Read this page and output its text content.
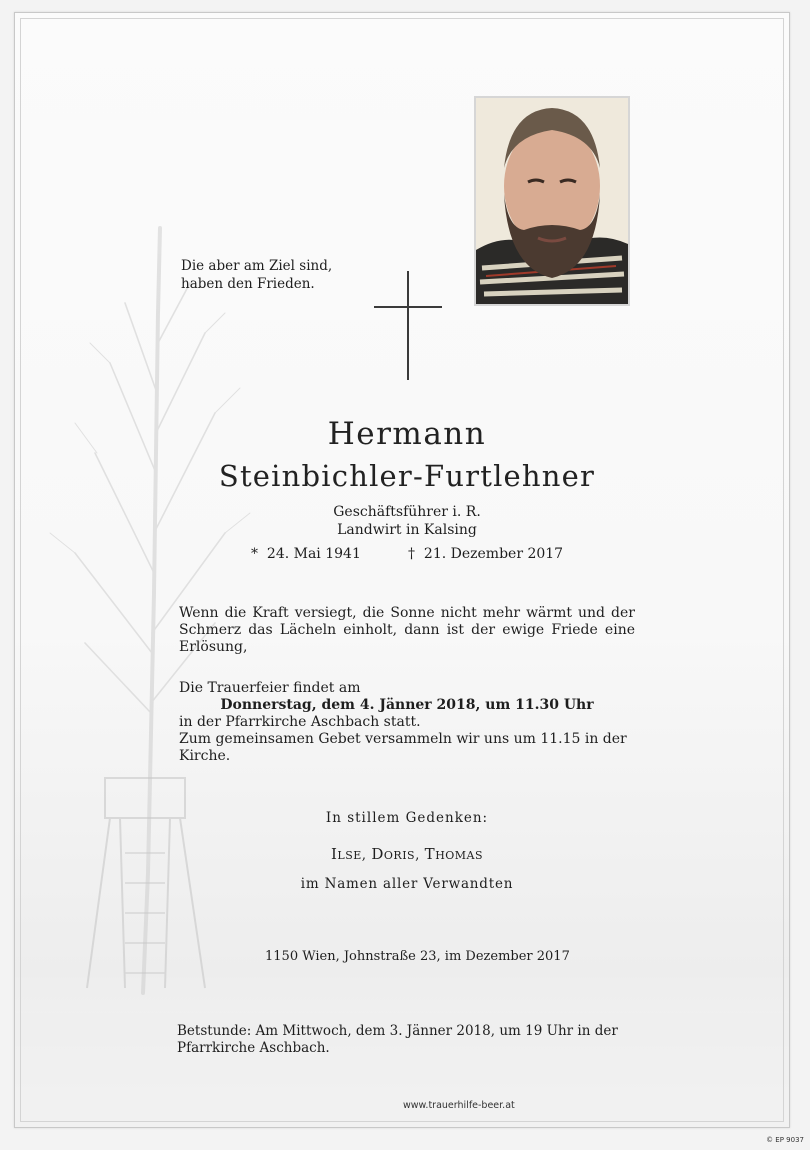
Die aber am Ziel sind,
haben den Frieden.
Hermann
Steinbichler-Furtlehner
Geschäftsführer i. R.
Landwirt in Kalsing
* 24. Mai 1941	† 21. Dezember 2017
Wenn die Kraft versiegt, die Sonne nicht mehr wärmt und der Schmerz das Lächeln einholt, dann ist der ewige Friede eine Erlösung,
Die Trauerfeier findet am
Donnerstag, dem 4. Jänner 2018, um 11.30 Uhr
in der Pfarrkirche Aschbach statt.
Zum gemeinsamen Gebet versammeln wir uns um 11.15 in der Kirche.
In stillem Gedenken:
ILSE, DORIS, THOMAS
im Namen aller Verwandten
1150 Wien, Johnstraße 23, im Dezember 2017
Betstunde: Am Mittwoch, dem 3. Jänner 2018, um 19 Uhr in der Pfarrkirche Aschbach.
www.trauerhilfe-beer.at
© EP 9037
